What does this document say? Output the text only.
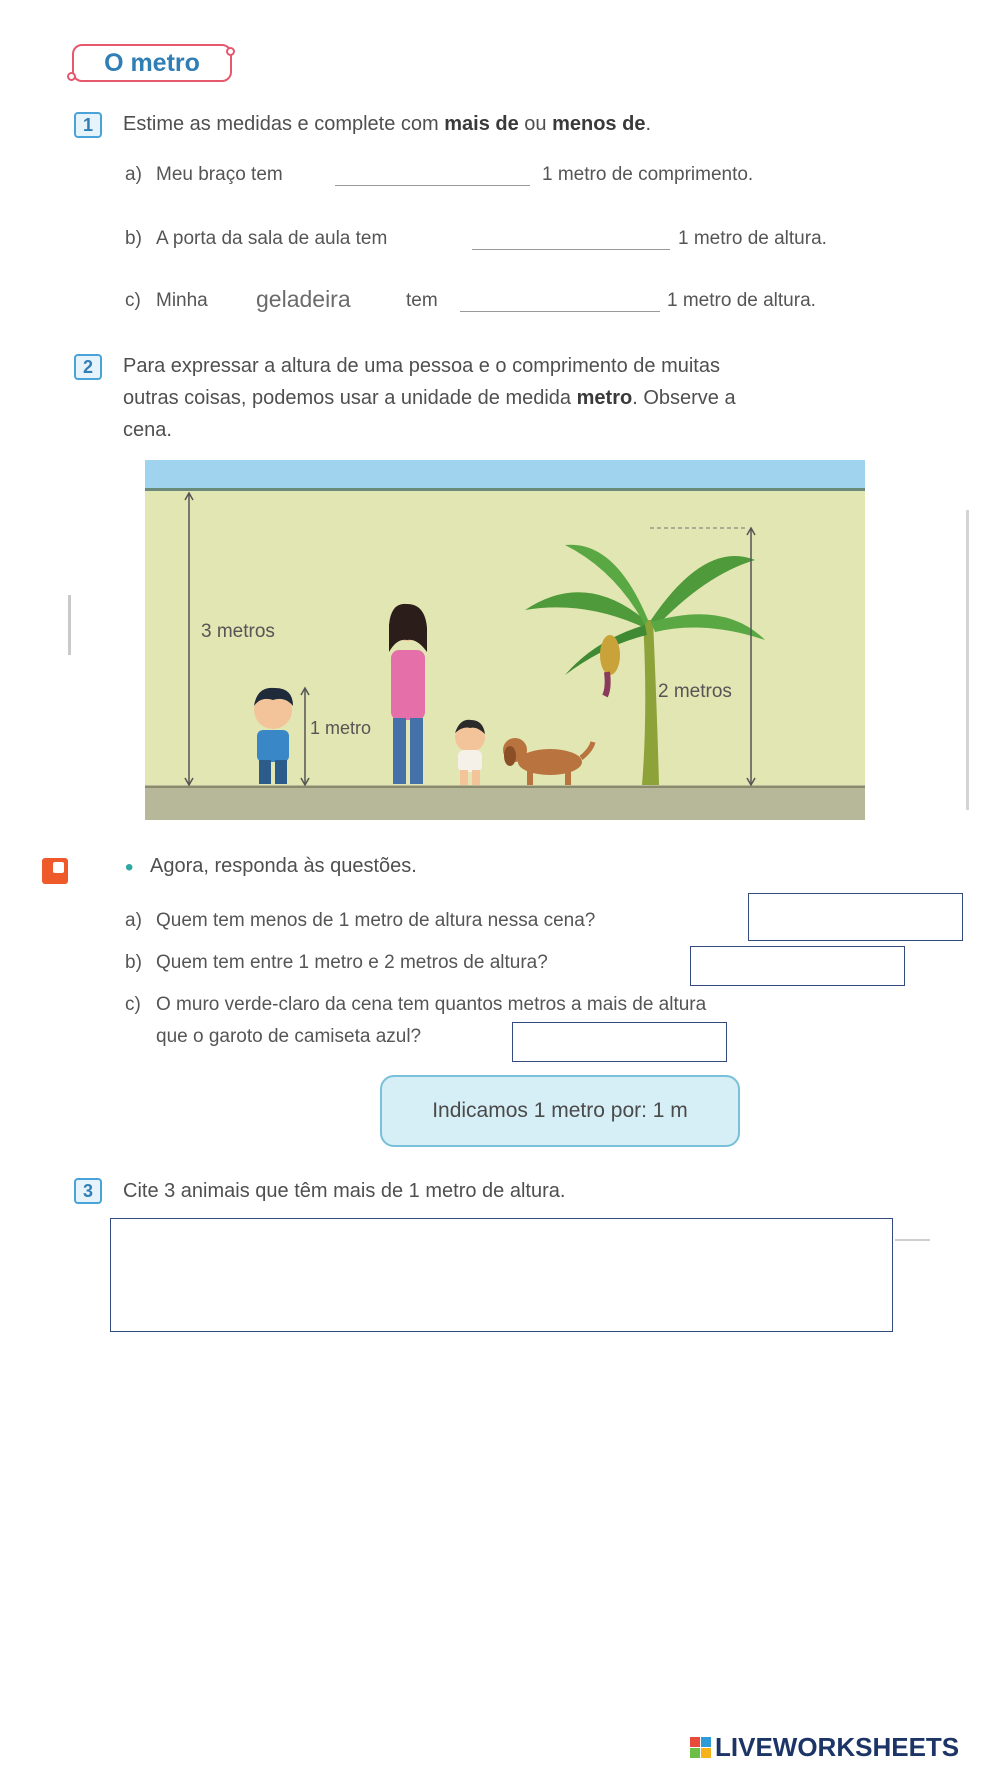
O metro
1	Estime as medidas e complete com mais de ou menos de.
a) Meu braço tem	1 metro de comprimento.
b) A porta da sala de aula tem	1 metro de altura.
c) Minha geladeira	tem	1 metro de altura.
2	Para expressar a altura de uma pessoa e o comprimento de muitas
outras coisas, podemos usar a unidade de medida metro. Observe a
cena.
3 metros
1 metro
2 metros
• Agora, responda às questões.
a) Quem tem menos de 1 metro de altura nessa cena?
b) Quem tem entre 1 metro e 2 metros de altura?
c) O muro verde-claro da cena tem quantos metros a mais de altura
que o garoto de camiseta azul?
Indicamos 1 metro por: 1 m
3	Cite 3 animais que têm mais de 1 metro de altura.
LIVEWORKSHEETS
